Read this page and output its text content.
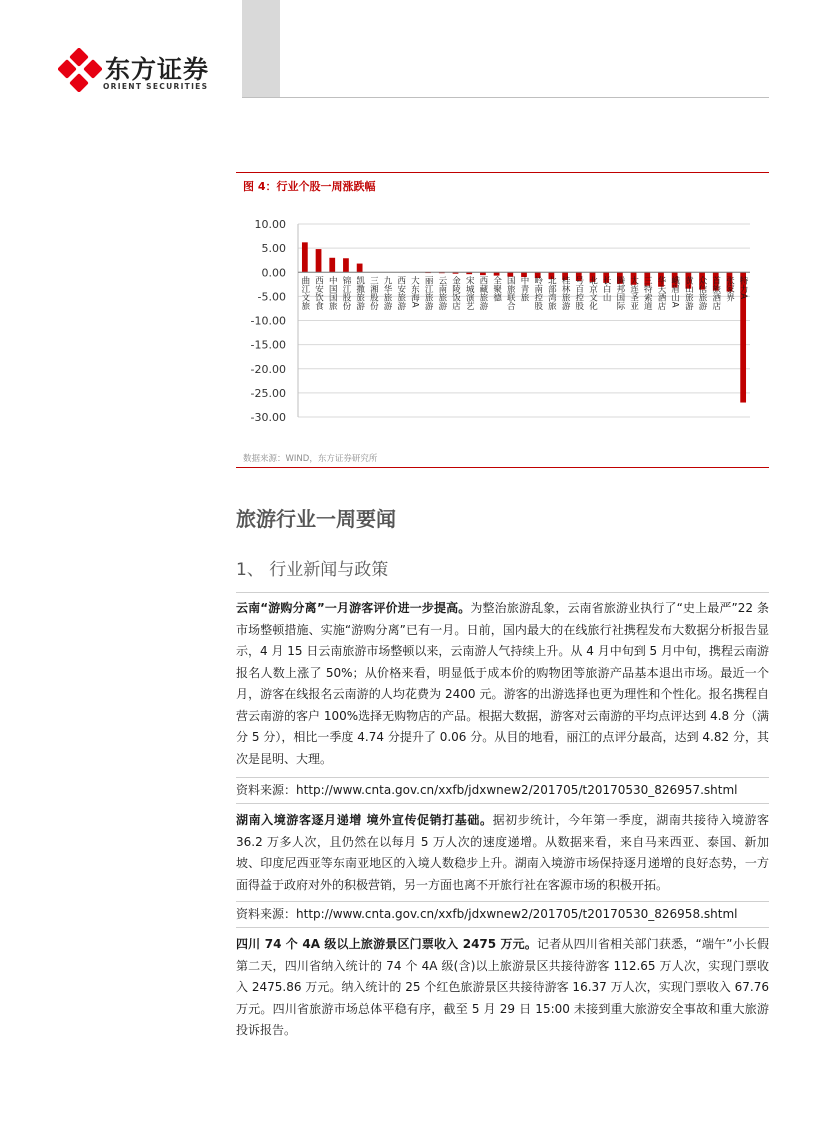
东方证券
ORIENT SECURITIES
图 4：行业个股一周涨跌幅
10.00
5.00
0.00
-5.00
-10.00
-15.00
-20.00
-25.00
-30.00
曲江文旅 西安饮食 中国国旅 锦江股份 凯撒旅游 三湘股份 九华旅游 西安旅游 大东海A 丽江旅游 云南旅游 金陵饭店 宋城演艺 西藏旅游 全聚德 国旅联合 中青旅 岭南控股 北部湾旅 桂林旅游 号百控股 北京文化 长白山 腾邦国际 大连圣亚 三特索道 华天酒店 峨眉山A 黄山旅游 众信旅游 首旅酒店 张家界 特力A
数据来源：WIND，东方证券研究所
旅游行业一周要闻
1、 行业新闻与政策

云南“游购分离”一月游客评价进一步提高。为整治旅游乱象，云南省旅游业执行了“史上最严”22 条市场整顿措施、实施“游购分离”已有一月。日前，国内最大的在线旅行社携程发布大数据分析报告显示，4 月 15 日云南旅游市场整顿以来，云南游人气持续上升。从 4 月中旬到 5 月中旬，携程云南游报名人数上涨了 50%；从价格来看，明显低于成本价的购物团等旅游产品基本退出市场。最近一个月，游客在线报名云南游的人均花费为 2400 元。游客的出游选择也更为理性和个性化。报名携程自营云南游的客户 100%选择无购物店的产品。根据大数据，游客对云南游的平均点评达到 4.8 分（满分 5 分），相比一季度 4.74 分提升了 0.06 分。从目的地看，丽江的点评分最高，达到 4.82 分，其次是昆明、大理。

资料来源：http://www.cnta.gov.cn/xxfb/jdxwnew2/201705/t20170530_826957.shtml

湖南入境游客逐月递增 境外宣传促销打基础。据初步统计，今年第一季度，湖南共接待入境游客 36.2 万多人次，且仍然在以每月 5 万人次的速度递增。从数据来看，来自马来西亚、泰国、新加坡、印度尼西亚等东南亚地区的入境人数稳步上升。湖南入境游市场保持逐月递增的良好态势，一方面得益于政府对外的积极营销，另一方面也离不开旅行社在客源市场的积极开拓。

资料来源：http://www.cnta.gov.cn/xxfb/jdxwnew2/201705/t20170530_826958.shtml

四川 74 个 4A 级以上旅游景区门票收入 2475 万元。记者从四川省相关部门获悉，“端午”小长假第二天，四川省纳入统计的 74 个 4A 级(含)以上旅游景区共接待游客 112.65 万人次，实现门票收入 2475.86 万元。纳入统计的 25 个红色旅游景区共接待游客 16.37 万人次，实现门票收入 67.76 万元。四川省旅游市场总体平稳有序，截至 5 月 29 日 15:00 未接到重大旅游安全事故和重大旅游投诉报告。
